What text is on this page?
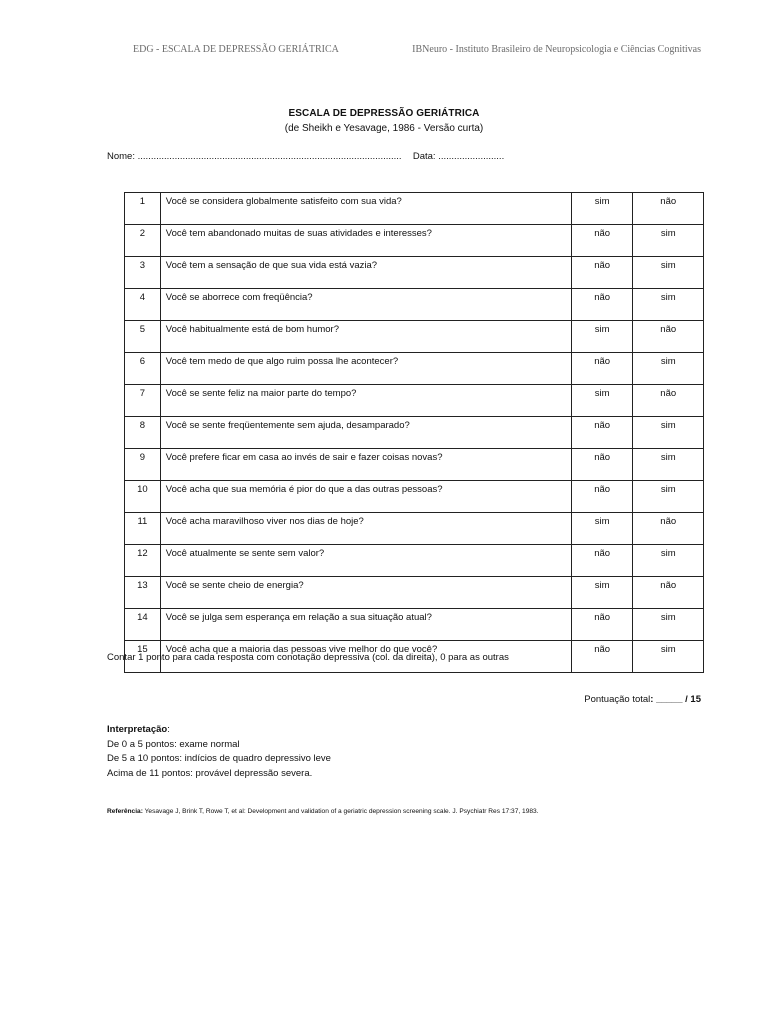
EDG - ESCALA DE DEPRESSÃO GERIÁTRICA	IBNeuro - Instituto Brasileiro de Neuropsicologia e Ciências Cognitivas
ESCALA DE DEPRESSÃO GERIÁTRICA
(de Sheikh e Yesavage, 1986 - Versão curta)
Nome: .................................................................................................... Data: .........................
1	Você se considera globalmente satisfeito com sua vida?	sim	não
2	Você tem abandonado muitas de suas atividades e interesses?	não	sim
3	Você tem a sensação de que sua vida está vazia?	não	sim
4	Você se aborrece com freqüência?	não	sim
5	Você habitualmente está de bom humor?	sim	não
6	Você tem medo de que algo ruim possa lhe acontecer?	não	sim
7	Você se sente feliz na maior parte do tempo?	sim	não
8	Você se sente freqüentemente sem ajuda, desamparado?	não	sim
9	Você prefere ficar em casa ao invés de sair e fazer coisas novas?	não	sim
10	Você acha que sua memória é pior do que a das outras pessoas?	não	sim
11	Você acha maravilhoso viver nos dias de hoje?	sim	não
12	Você atualmente se sente sem valor?	não	sim
13	Você se sente cheio de energia?	sim	não
14	Você se julga sem esperança em relação a sua situação atual?	não	sim
15	Você acha que a maioria das pessoas vive melhor do que você?	não	sim
Contar 1 ponto para cada resposta com conotação depressiva (col. da direita), 0 para as outras
Pontuação total: _____ / 15
Interpretação:
De 0 a 5 pontos: exame normal
De 5 a 10 pontos: indícios de quadro depressivo leve
Acima de 11 pontos: provável depressão severa.
Referência: Yesavage J, Brink T, Rowe T, et al: Development and validation of a geriatric depression screening scale. J. Psychiatr Res 17:37, 1983.
